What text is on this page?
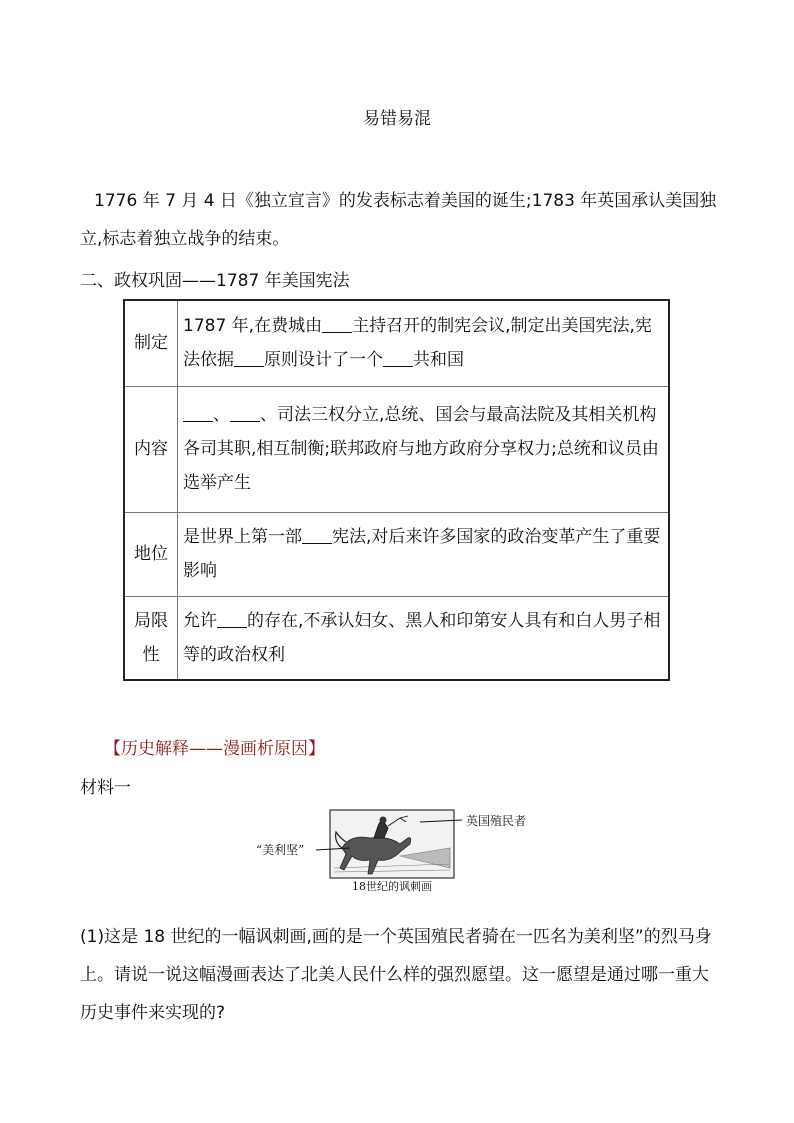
易错易混
1776 年 7 月 4 日《独立宣言》的发表标志着美国的诞生;1783 年英国承认美国独立,标志着独立战争的结束。
二、政权巩固——1787 年美国宪法
制定	1787 年,在费城由 主持召开的制宪会议,制定出美国宪法,宪法依据 原则设计了一个 共和国
内容	、 、司法三权分立,总统、国会与最高法院及其相关机构各司其职,相互制衡;联邦政府与地方政府分享权力;总统和议员由选举产生
地位	是世界上第一部 宪法,对后来许多国家的政治变革产生了重要影响
局限性	允许 的存在,不承认妇女、黑人和印第安人具有和白人男子相等的政治权利
【历史解释——漫画析原因】
材料一
英国殖民者
“美利坚”
18世纪的讽刺画
(1)这是 18 世纪的一幅讽刺画,画的是一个英国殖民者骑在一匹名为美利坚”的烈马身上。请说一说这幅漫画表达了北美人民什么样的强烈愿望。这一愿望是通过哪一重大历史事件来实现的?
